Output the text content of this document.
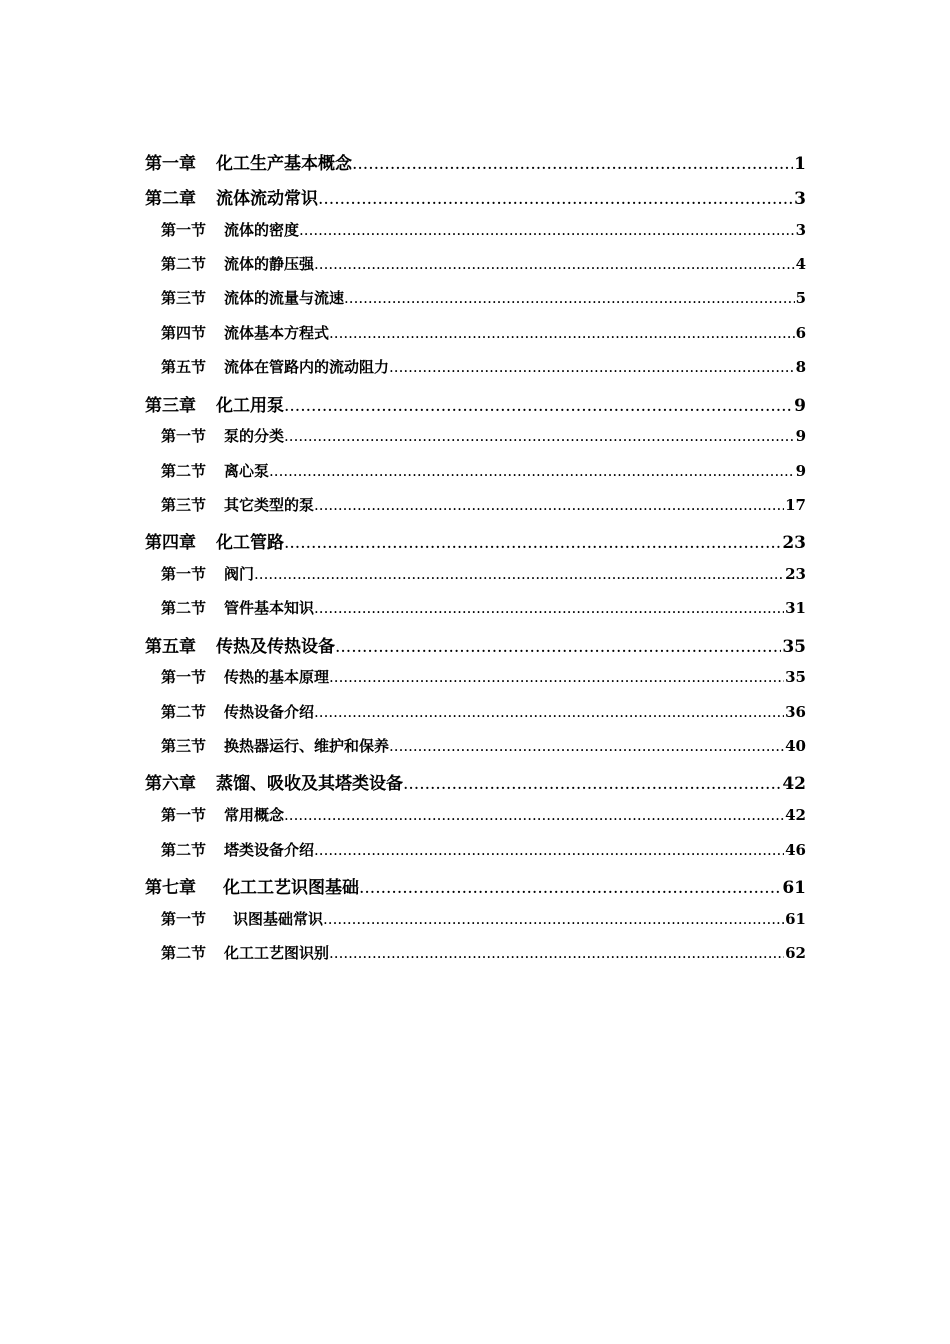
第一章 化工生产基本概念 .....	1
第二章 流体流动常识 .....	3
第一节 流体的密度 .....	3
第二节 流体的静压强 .....	4
第三节 流体的流量与流速 .....	5
第四节 流体基本方程式 .....	6
第五节 流体在管路内的流动阻力 .....	8
第三章 化工用泵 .....	9
第一节 泵的分类 .....	9
第二节 离心泵 .....	9
第三节 其它类型的泵 .....	17
第四章 化工管路 .....	23
第一节 阀门 .....	23
第二节 管件基本知识 .....	31
第五章 传热及传热设备 .....	35
第一节 传热的基本原理 .....	35
第二节 传热设备介绍 .....	36
第三节 换热器运行、维护和保养 .....	40
第六章 蒸馏、吸收及其塔类设备 .....	42
第一节 常用概念 .....	42
第二节 塔类设备介绍 .....	46
第七章 化工工艺识图基础 .....	61
第一节 识图基础常识 .....	61
第二节 化工工艺图识别 .....	62
